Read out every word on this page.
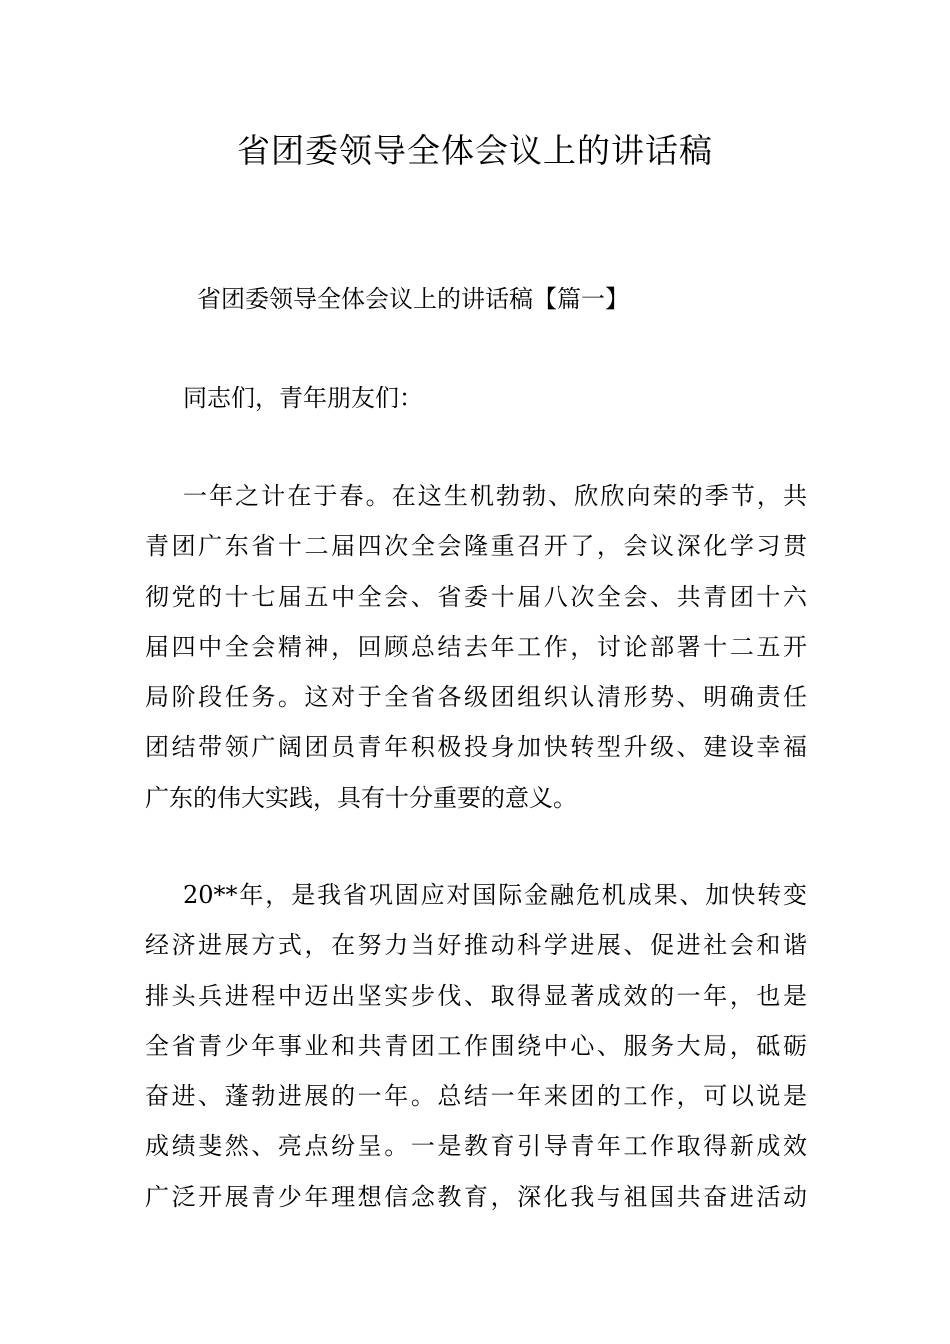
省团委领导全体会议上的讲话稿

省团委领导全体会议上的讲话稿【篇一】

同志们，青年朋友们：

一年之计在于春。在这生机勃勃、欣欣向荣的季节，共

青团广东省十二届四次全会隆重召开了，会议深化学习贯

彻党的十七届五中全会、省委十届八次全会、共青团十六

届四中全会精神，回顾总结去年工作，讨论部署十二五开

局阶段任务。这对于全省各级团组织认清形势、明确责任

团结带领广阔团员青年积极投身加快转型升级、建设幸福

广东的伟大实践，具有十分重要的意义。

20**年，是我省巩固应对国际金融危机成果、加快转变

经济进展方式，在努力当好推动科学进展、促进社会和谐

排头兵进程中迈出坚实步伐、取得显著成效的一年，也是

全省青少年事业和共青团工作围绕中心、服务大局，砥砺

奋进、蓬勃进展的一年。总结一年来团的工作，可以说是

成绩斐然、亮点纷呈。一是教育引导青年工作取得新成效

广泛开展青少年理想信念教育，深化我与祖国共奋进活动
